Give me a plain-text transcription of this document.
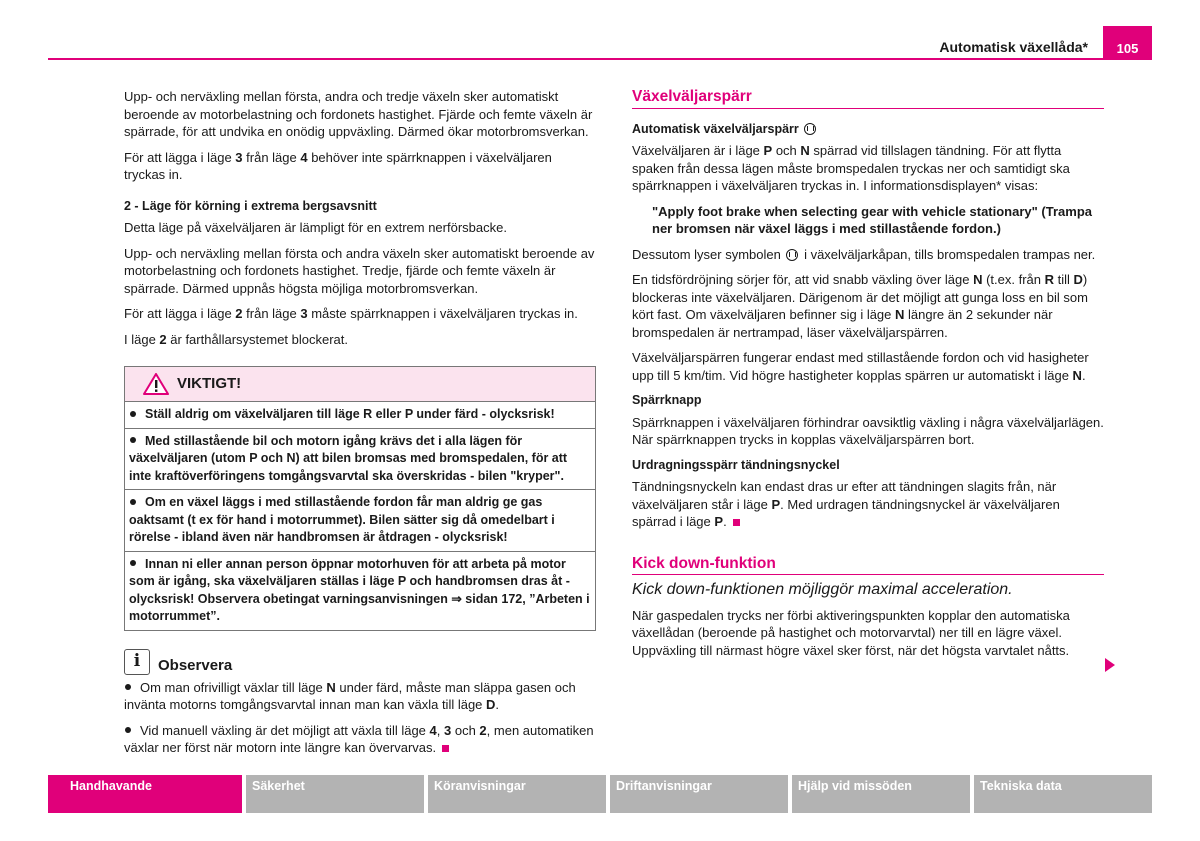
Automatisk växellåda*	105

Upp- och nerväxling mellan första, andra och tredje växeln sker automatiskt beroende av motorbelastning och fordonets hastighet. Fjärde och femte växeln är spärrade, för att undvika en onödig uppväxling. Därmed ökar motorbromsverkan.

För att lägga i läge 3 från läge 4 behöver inte spärrknappen i växelväljaren tryckas in.

2 - Läge för körning i extrema bergsavsnitt

Detta läge på växelväljaren är lämpligt för en extrem nerförsbacke.

Upp- och nerväxling mellan första och andra växeln sker automatiskt beroende av motorbelastning och fordonets hastighet. Tredje, fjärde och femte växeln är spärrade. Därmed uppnås högsta möjliga motorbromsverkan.

För att lägga i läge 2 från läge 3 måste spärrknappen i växelväljaren tryckas in.

I läge 2 är farthållarsystemet blockerat.

VIKTIGT!
Ställ aldrig om växelväljaren till läge R eller P under färd - olycksrisk!
Med stillastående bil och motorn igång krävs det i alla lägen för växelväljaren (utom P och N) att bilen bromsas med bromspedalen, för att inte kraftöverföringens tomgångsvarvtal ska överskridas - bilen "kryper".
Om en växel läggs i med stillastående fordon får man aldrig ge gas oaktsamt (t ex för hand i motorrummet). Bilen sätter sig då omedelbart i rörelse - ibland även när handbromsen är åtdragen - olycksrisk!
Innan ni eller annan person öppnar motorhuven för att arbeta på motor som är igång, ska växelväljaren ställas i läge P och handbromsen dras åt - olycksrisk! Observera obetingat varningsanvisningen ⇒ sidan 172, ”Arbeten i motorrummet”.
i	Observera

Om man ofrivilligt växlar till läge N under färd, måste man släppa gasen och invänta motorns tomgångsvarvtal innan man kan växla till läge D.

Vid manuell växling är det möjligt att växla till läge 4, 3 och 2, men automatiken växlar ner först när motorn inte längre kan övervarvas.

Växelväljarspärr
Automatisk växelväljarspärr

Växelväljaren är i läge P och N spärrad vid tillslagen tändning. För att flytta spaken från dessa lägen måste bromspedalen tryckas ner och samtidigt ska spärrknappen i växelväljaren tryckas in. I informationsdisplayen* visas:

"Apply foot brake when selecting gear with vehicle stationary" (Trampa ner bromsen när växel läggs i med stillastående fordon.)

Dessutom lyser symbolen  i växelväljarkåpan, tills bromspedalen trampas ner.

En tidsfördröjning sörjer för, att vid snabb växling över läge N (t.ex. från R till D) blockeras inte växelväljaren. Därigenom är det möjligt att gunga loss en bil som kört fast. Om växelväljaren befinner sig i läge N längre än 2 sekunder när bromspedalen är nertrampad, läser växelväljarspärren.

Växelväljarspärren fungerar endast med stillastående fordon och vid hasigheter upp till 5 km/tim. Vid högre hastigheter kopplas spärren ur automatiskt i läge N.

Spärrknapp

Spärrknappen i växelväljaren förhindrar oavsiktlig växling i några växelväljarlägen. När spärrknappen trycks in kopplas växelväljarspärren bort.

Urdragningsspärr tändningsnyckel

Tändningsnyckeln kan endast dras ur efter att tändningen slagits från, när växelväljaren står i läge P. Med urdragen tändningsnyckel är växelväljaren spärrad i läge P.

Kick down-funktion

Kick down-funktionen möjliggör maximal acceleration.

När gaspedalen trycks ner förbi aktiveringspunkten kopplar den automatiska växellådan (beroende på hastighet och motorvarvtal) ner till en lägre växel. Uppväxling till närmast högre växel sker först, när det högsta varvtalet nåtts.

Handhavande	Säkerhet	Köranvisningar	Driftanvisningar	Hjälp vid missöden	Tekniska data
